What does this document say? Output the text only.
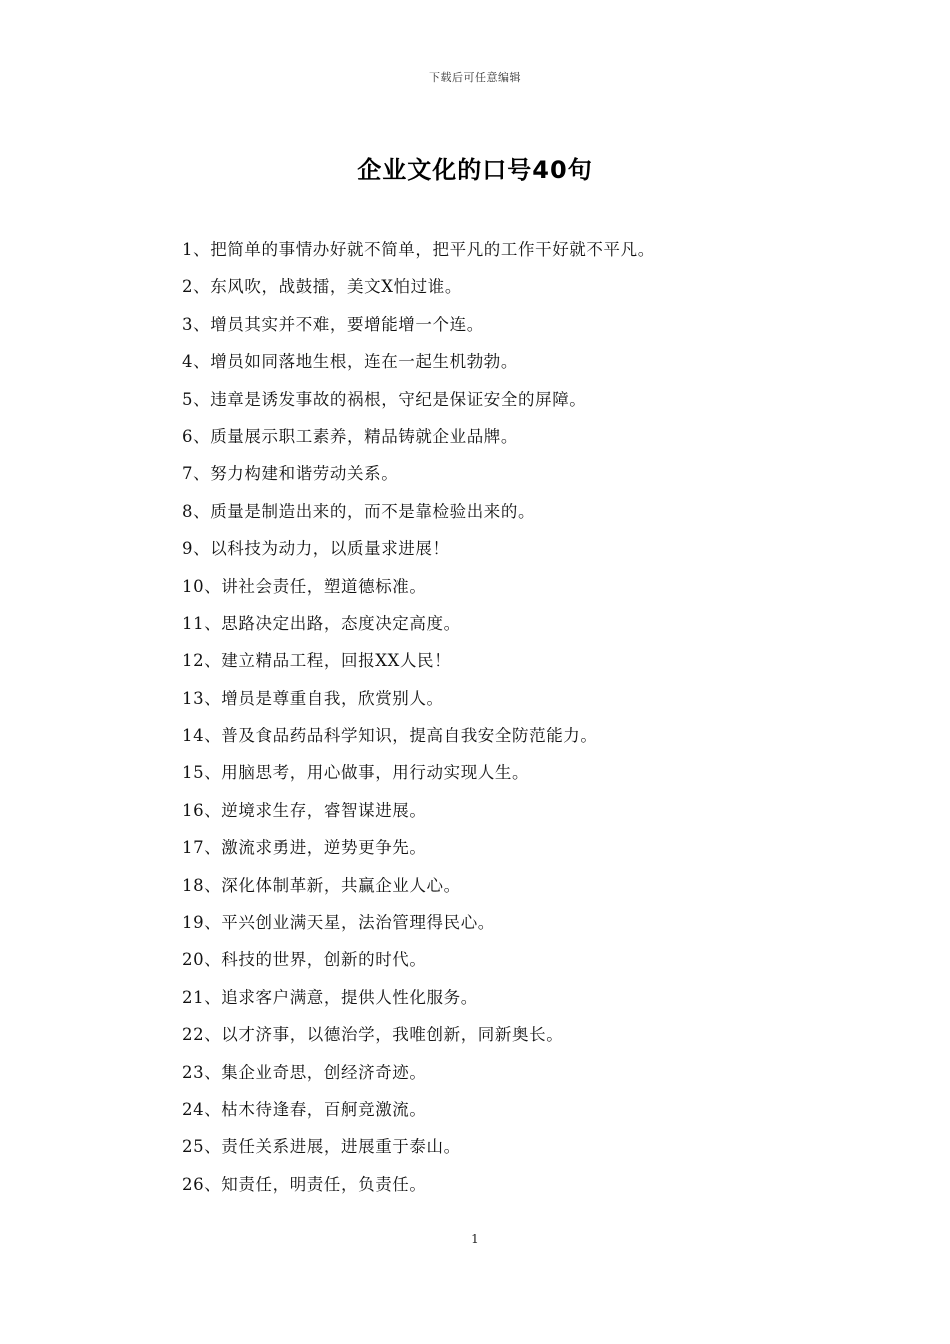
下载后可任意编辑
企业文化的口号40句
1、把简单的事情办好就不简单，把平凡的工作干好就不平凡。
2、东风吹，战鼓擂，美文X怕过谁。
3、增员其实并不难，要增能增一个连。
4、增员如同落地生根，连在一起生机勃勃。
5、违章是诱发事故的祸根，守纪是保证安全的屏障。
6、质量展示职工素养，精品铸就企业品牌。
7、努力构建和谐劳动关系。
8、质量是制造出来的，而不是靠检验出来的。
9、以科技为动力，以质量求进展！
10、讲社会责任，塑道德标准。
11、思路决定出路，态度决定高度。
12、建立精品工程，回报XX人民！
13、增员是尊重自我，欣赏别人。
14、普及食品药品科学知识，提高自我安全防范能力。
15、用脑思考，用心做事，用行动实现人生。
16、逆境求生存，睿智谋进展。
17、激流求勇进，逆势更争先。
18、深化体制革新，共赢企业人心。
19、平兴创业满天星，法治管理得民心。
20、科技的世界，创新的时代。
21、追求客户满意，提供人性化服务。
22、以才济事，以德治学，我唯创新，同新奥长。
23、集企业奇思，创经济奇迹。
24、枯木待逢春，百舸竞激流。
25、责任关系进展，进展重于泰山。
26、知责任，明责任，负责任。
1
